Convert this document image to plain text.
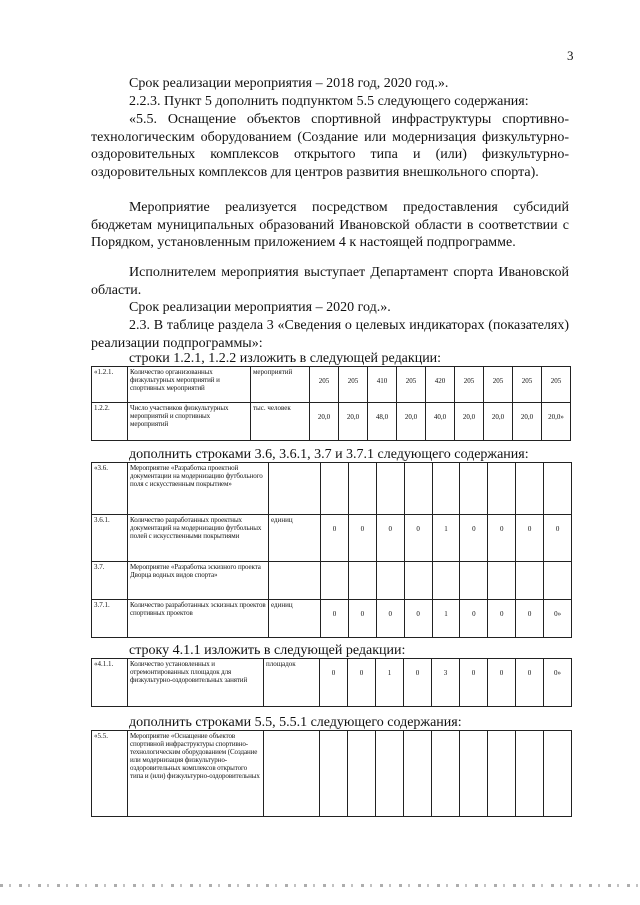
3

Срок реализации мероприятия – 2018 год, 2020 год.».

2.2.3. Пункт 5 дополнить подпунктом 5.5 следующего содержания:

«5.5. Оснащение объектов спортивной инфраструктуры спортивно-технологическим оборудованием (Создание или модернизация физкультурно-оздоровительных комплексов открытого типа и (или) физкультурно-оздоровительных комплексов для центров развития внешкольного спорта).

Мероприятие реализуется посредством предоставления субсидий бюджетам муниципальных образований Ивановской области в соответствии с Порядком, установленным приложением 4 к настоящей подпрограмме.

Исполнителем мероприятия выступает Департамент спорта Ивановской области.

Срок реализации мероприятия – 2020 год.».

2.3. В таблице раздела 3 «Сведения о целевых индикаторах (показателях) реализации подпрограммы»:

строки 1.2.1, 1.2.2 изложить в следующей редакции:
«1.2.1.	Количество организованных физкультурных мероприятий и спортивных мероприятий	мероприятий	205	205	410	205	420	205	205	205	205
1.2.2.	Число участников физкультурных мероприятий и спортивных мероприятий	тыс. человек	20,0	20,0	48,0	20,0	40,0	20,0	20,0	20,0	20,0»
дополнить строками 3.6, 3.6.1, 3.7 и 3.7.1 следующего содержания:
«3.6.	Мероприятие «Разработка проектной документации на модернизацию футбольного поля с искусственным покрытием»										
3.6.1.	Количество разработанных проектных документаций на модернизацию футбольных полей с искусственными покрытиями	единиц	0	0	0	0	1	0	0	0	0
3.7.	Мероприятие «Разработка эскизного проекта Дворца водных видов спорта»										
3.7.1.	Количество разработанных эскизных проектов спортивных проектов	единиц	0	0	0	0	1	0	0	0	0»
строку 4.1.1 изложить в следующей редакции:
«4.1.1.	Количество установленных и отремонтированных площадок для физкультурно-оздоровительных занятий	площадок	0	0	1	0	3	0	0	0	0»
дополнить строками 5.5, 5.5.1 следующего содержания:
«5.5.	Мероприятие «Оснащение объектов спортивной инфраструктуры спортивно-технологическим оборудованием (Создание или модернизация физкультурно-оздоровительных комплексов открытого типа и (или) физкультурно-оздоровительных										
